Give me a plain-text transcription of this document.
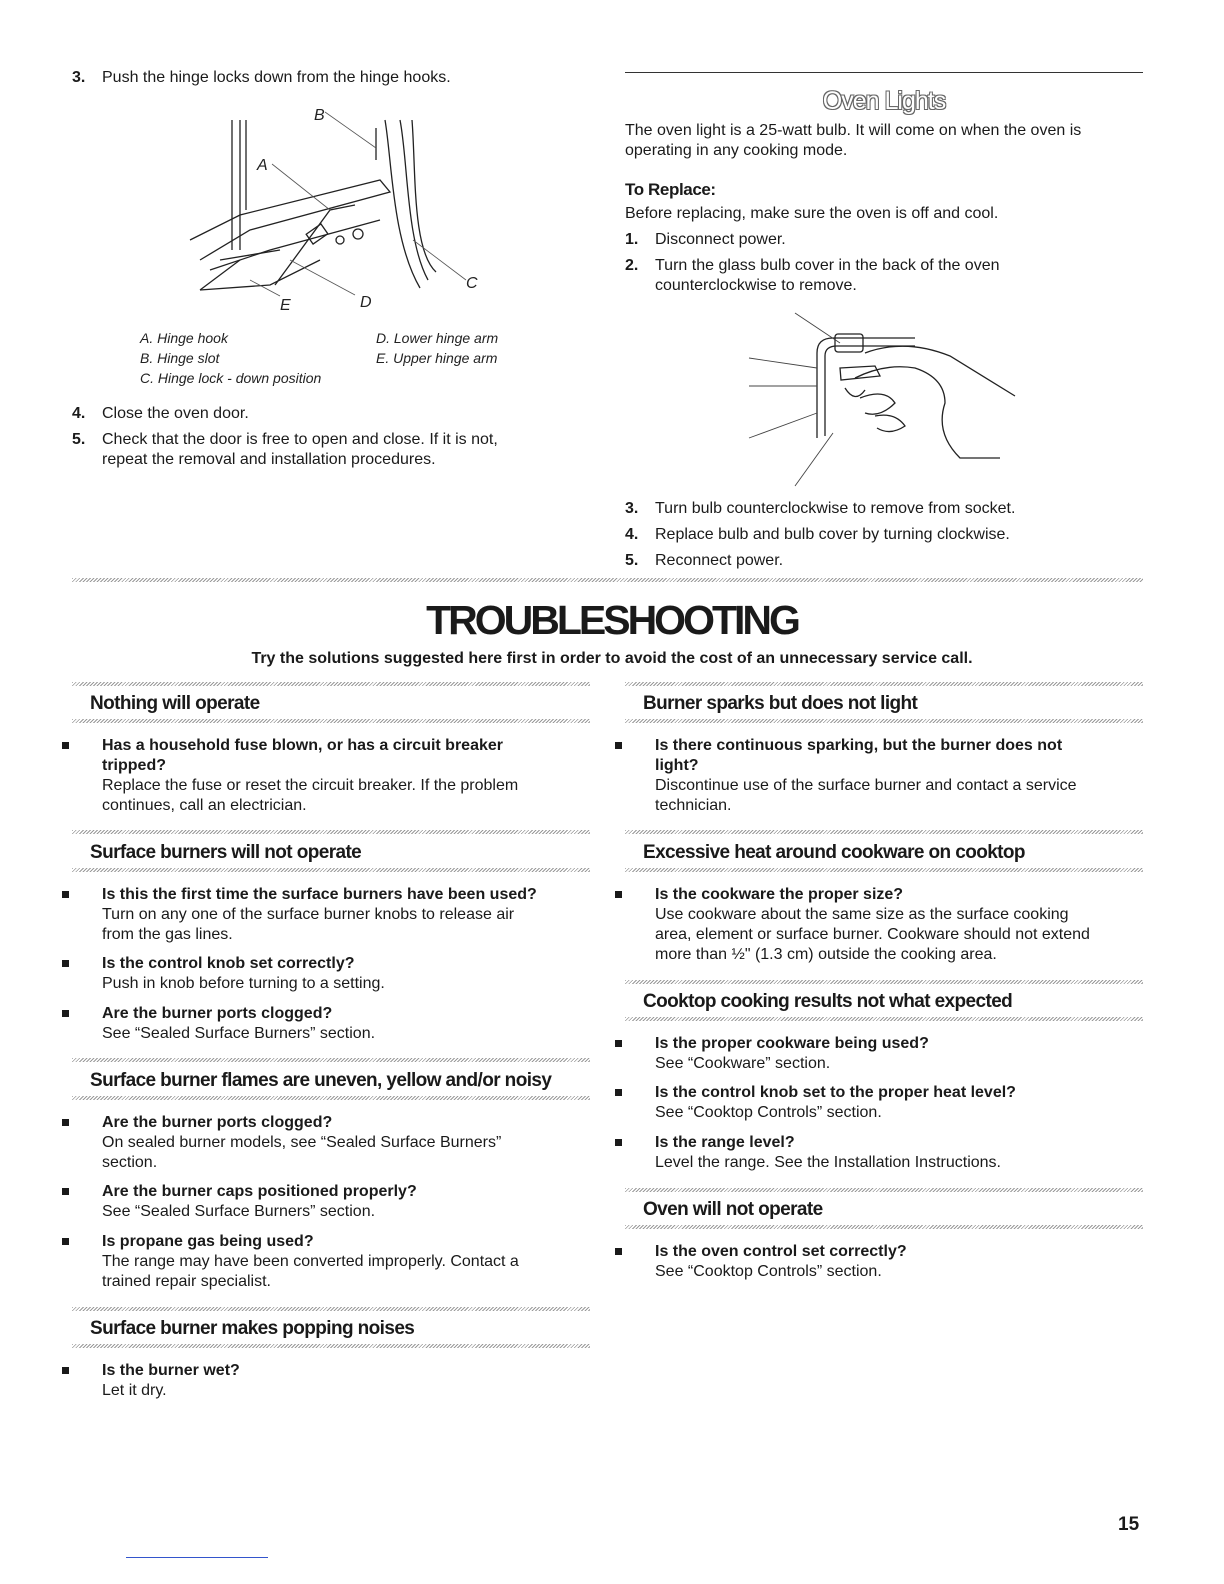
3. Push the hinge locks down from the hinge hooks.
B
A
C
D
E
A. Hinge hook
B. Hinge slot
C. Hinge lock - down position
D. Lower hinge arm
E. Upper hinge arm
4. Close the oven door.
5. Check that the door is free to open and close. If it is not,
repeat the removal and installation procedures.
Oven Lights
The oven light is a 25-watt bulb. It will come on when the oven is
operating in any cooking mode.
To Replace:
Before replacing, make sure the oven is off and cool.
1. Disconnect power.
2. Turn the glass bulb cover in the back of the oven
counterclockwise to remove.
3. Turn bulb counterclockwise to remove from socket.
4. Replace bulb and bulb cover by turning clockwise.
5. Reconnect power.
TROUBLESHOOTING
Try the solutions suggested here first in order to avoid the cost of an unnecessary service call.
Nothing will operate
Has a household fuse blown, or has a circuit breaker
tripped?
Replace the fuse or reset the circuit breaker. If the problem
continues, call an electrician.
Surface burners will not operate
Is this the first time the surface burners have been used?
Turn on any one of the surface burner knobs to release air
from the gas lines.
Is the control knob set correctly?
Push in knob before turning to a setting.
Are the burner ports clogged?
See “Sealed Surface Burners” section.
Surface burner flames are uneven, yellow and/or noisy
Are the burner ports clogged?
On sealed burner models, see “Sealed Surface Burners”
section.
Are the burner caps positioned properly?
See “Sealed Surface Burners” section.
Is propane gas being used?
The range may have been converted improperly. Contact a
trained repair specialist.
Surface burner makes popping noises
Is the burner wet?
Let it dry.
Burner sparks but does not light
Is there continuous sparking, but the burner does not
light?
Discontinue use of the surface burner and contact a service
technician.
Excessive heat around cookware on cooktop
Is the cookware the proper size?
Use cookware about the same size as the surface cooking
area, element or surface burner. Cookware should not extend
more than ½" (1.3 cm) outside the cooking area.
Cooktop cooking results not what expected
Is the proper cookware being used?
See “Cookware” section.
Is the control knob set to the proper heat level?
See “Cooktop Controls” section.
Is the range level?
Level the range. See the Installation Instructions.
Oven will not operate
Is the oven control set correctly?
See “Cooktop Controls” section.
15
